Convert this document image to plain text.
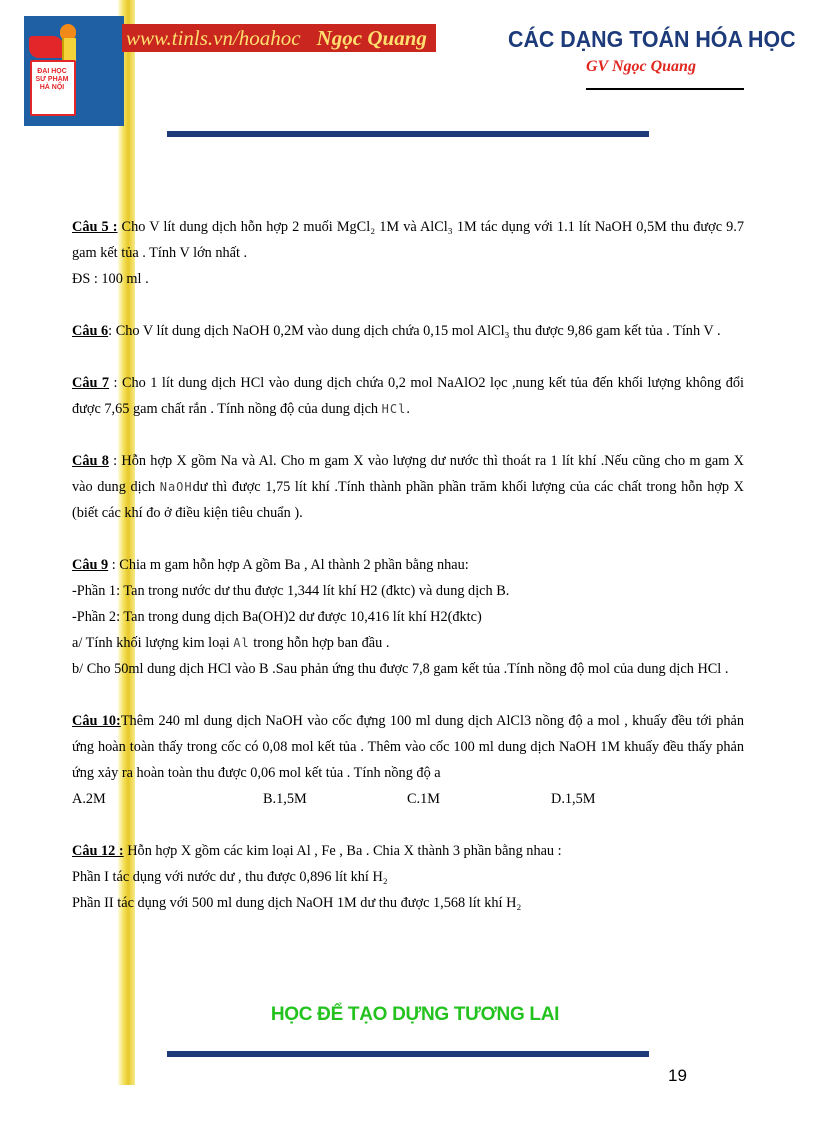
ĐẠI HỌC
SƯ PHẠM
HÀ NỘI
www.tinls.vn/hoahoc Ngọc Quang	CÁC DẠNG TOÁN HÓA HỌC
GV Ngọc Quang

Câu 5 : Cho V lít dung dịch hỗn hợp 2 muối MgCl₂ 1M và AlCl₃ 1M tác dụng với 1.1 lít NaOH 0,5M thu được 9.7 gam kết tủa . Tính V lớn nhất .

ĐS : 100 ml .

Câu 6: Cho V lít dung dịch NaOH 0,2M vào dung dịch chứa 0,15 mol AlCl₃ thu được 9,86 gam kết tủa . Tính V .

Câu 7 : Cho 1 lít dung dịch HCl vào dung dịch chứa 0,2 mol NaAlO2 lọc ,nung kết tủa đến khối lượng không đổi được 7,65 gam chất rắn . Tính nồng độ của dung dịch HCl.

Câu 8 : Hỗn hợp X gồm Na và Al. Cho m gam X vào lượng dư nước thì thoát ra 1 lít khí .Nếu cũng cho m gam X vào dung dịch NaOHdư thì được 1,75 lít khí .Tính thành phần phần trăm khối lượng của các chất trong hỗn hợp X (biết các khí đo ở điều kiện tiêu chuẩn ).

Câu 9 : Chia m gam hỗn hợp A gồm Ba , Al thành 2 phần bằng nhau:

-Phần 1: Tan trong nước dư thu được 1,344 lít khí H2 (đktc) và dung dịch B.

-Phần 2: Tan trong dung dịch Ba(OH)2 dư được 10,416 lít khí H2(đktc)

a/ Tính khối lượng kim loại Al trong hỗn hợp ban đầu .

b/ Cho 50ml dung dịch HCl vào B .Sau phản ứng thu được 7,8 gam kết tủa .Tính nồng độ mol của dung dịch HCl .

Câu 10:Thêm 240 ml dung dịch NaOH vào cốc đựng 100 ml dung dịch AlCl3 nồng độ a mol , khuấy đều tới phản ứng hoàn toàn thấy trong cốc có 0,08 mol kết tủa . Thêm vào cốc 100 ml dung dịch NaOH 1M khuấy đều thấy phản ứng xảy ra hoàn toàn thu được 0,06 mol kết tủa . Tính nồng độ a

A.2M	B.1,5M	C.1M	D.1,5M

Câu 12 : Hỗn hợp X gồm các kim loại Al , Fe , Ba . Chia X thành 3 phần bằng nhau :

Phần I tác dụng với nước dư , thu được 0,896 lít khí H₂

Phần II tác dụng với 500 ml dung dịch NaOH 1M dư thu được 1,568 lít khí H₂

HỌC ĐỂ TẠO DỰNG TƯƠNG LAI
19
